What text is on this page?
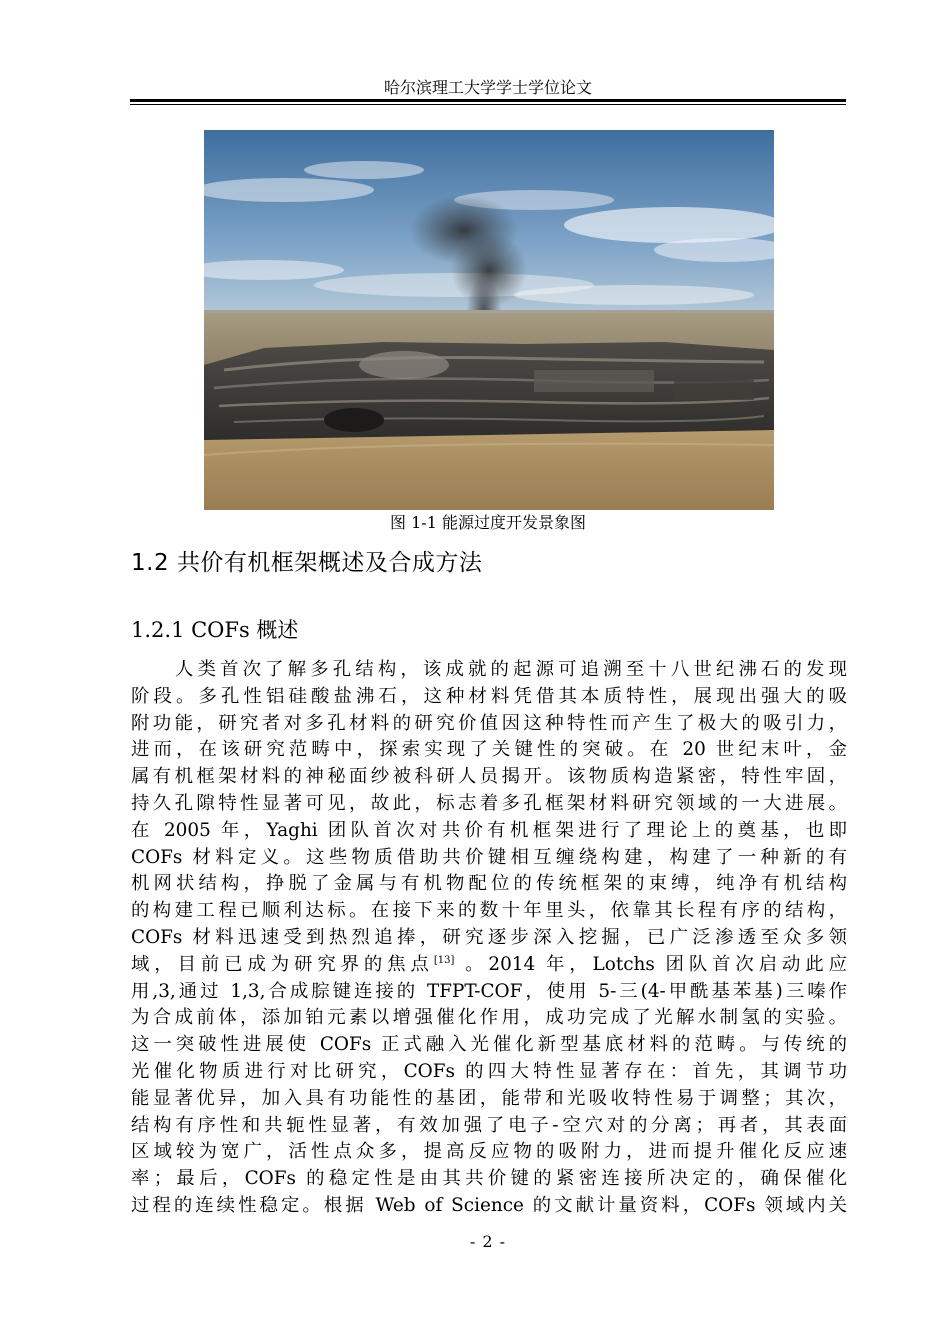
哈尔滨理工大学学士学位论文
图 1-1 能源过度开发景象图
1.2 共价有机框架概述及合成方法
1.2.1 COFs 概述
人类首次了解多孔结构，该成就的起源可追溯至十八世纪沸石的发现
阶段。多孔性铝硅酸盐沸石，这种材料凭借其本质特性，展现出强大的吸
附功能，研究者对多孔材料的研究价值因这种特性而产生了极大的吸引力，
进而，在该研究范畴中，探索实现了关键性的突破。在 20 世纪末叶，金
属有机框架材料的神秘面纱被科研人员揭开。该物质构造紧密，特性牢固，
持久孔隙特性显著可见，故此，标志着多孔框架材料研究领域的一大进展。
在 2005 年，Yaghi 团队首次对共价有机框架进行了理论上的奠基，也即
COFs 材料定义。这些物质借助共价键相互缠绕构建，构建了一种新的有
机网状结构，挣脱了金属与有机物配位的传统框架的束缚，纯净有机结构
的构建工程已顺利达标。在接下来的数十年里头，依靠其长程有序的结构，
COFs 材料迅速受到热烈追捧，研究逐步深入挖掘，已广泛渗透至众多领
域，目前已成为研究界的焦点[13] 。2014 年，Lotchs 团队首次启动此应
用,3,通过 1,3,合成腙键连接的 TFPT-COF，使用 5-三(4-甲酰基苯基)三嗪作
为合成前体，添加铂元素以增强催化作用，成功完成了光解水制氢的实验。
这一突破性进展使 COFs 正式融入光催化新型基底材料的范畴。与传统的
光催化物质进行对比研究，COFs 的四大特性显著存在：首先，其调节功
能显著优异，加入具有功能性的基团，能带和光吸收特性易于调整；其次，
结构有序性和共轭性显著，有效加强了电子-空穴对的分离；再者，其表面
区域较为宽广，活性点众多，提高反应物的吸附力，进而提升催化反应速
率；最后，COFs 的稳定性是由其共价键的紧密连接所决定的，确保催化
过程的连续性稳定。根据 Web of Science 的文献计量资料，COFs 领域内关
- 2 -
